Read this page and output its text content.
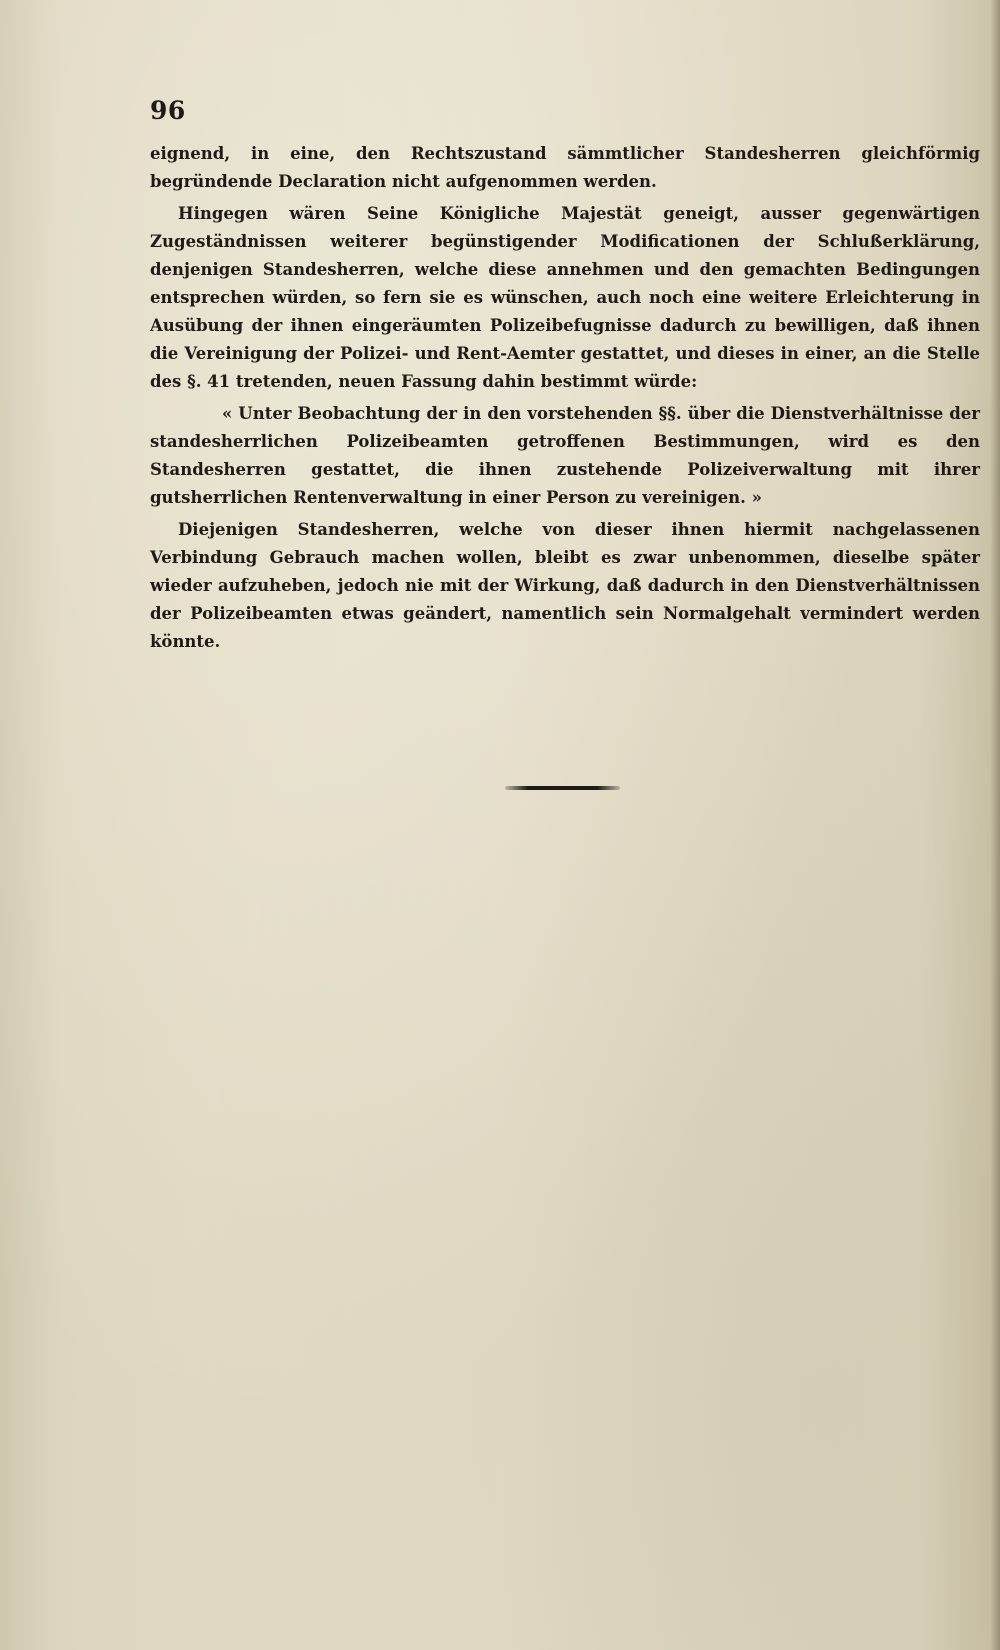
96

eignend, in eine, den Rechtszustand sämmtlicher Standesherren gleichförmig begründende Declaration nicht aufgenommen werden.

Hingegen wären Seine Königliche Majestät geneigt, ausser gegenwärtigen Zugeständnissen weiterer begünstigender Modificationen der Schlußerklärung, denjenigen Standesherren, welche diese annehmen und den gemachten Bedingungen entsprechen würden, so fern sie es wünschen, auch noch eine weitere Erleichterung in Ausübung der ihnen eingeräumten Polizeibefugnisse dadurch zu bewilligen, daß ihnen die Vereinigung der Polizei- und Rent-Aemter gestattet, und dieses in einer, an die Stelle des §. 41 tretenden, neuen Fassung dahin bestimmt würde:

« Unter Beobachtung der in den vorstehenden §§. über die Dienstverhältnisse der standesherrlichen Polizeibeamten getroffenen Bestimmungen, wird es den Standesherren gestattet, die ihnen zustehende Polizeiverwaltung mit ihrer gutsherrlichen Rentenverwaltung in einer Person zu vereinigen. »

Diejenigen Standesherren, welche von dieser ihnen hiermit nachgelassenen Verbindung Gebrauch machen wollen, bleibt es zwar unbenommen, dieselbe später wieder aufzuheben, jedoch nie mit der Wirkung, daß dadurch in den Dienstverhältnissen der Polizeibeamten etwas geändert, namentlich sein Normalgehalt vermindert werden könnte.
